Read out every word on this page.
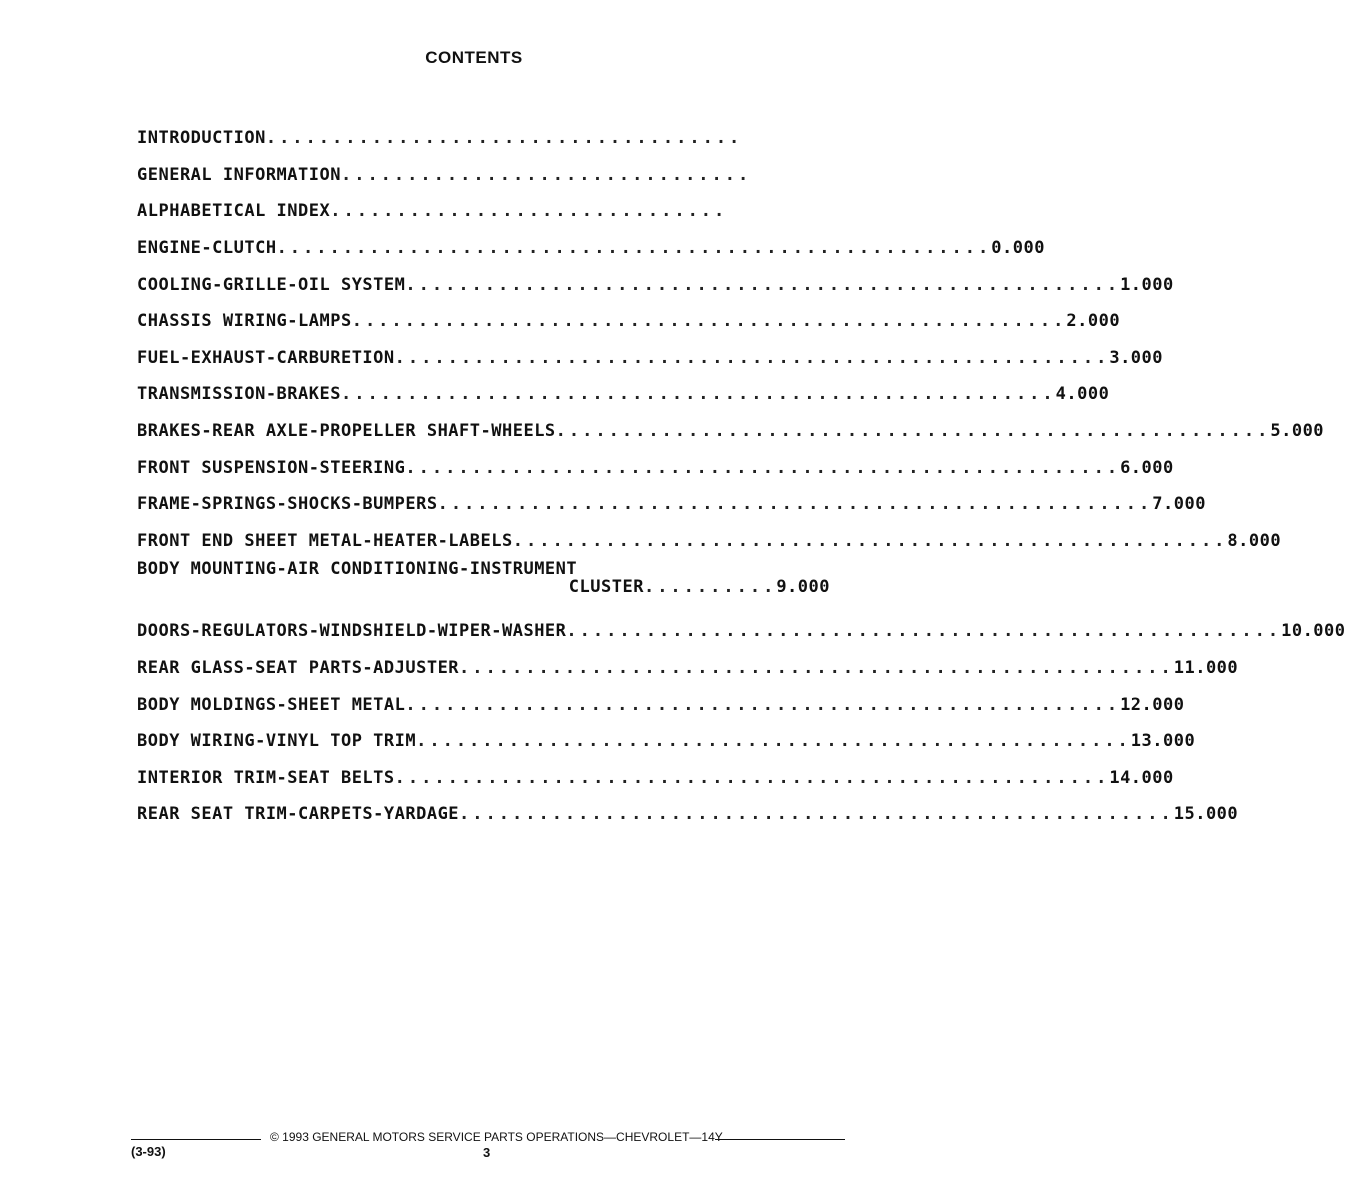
CONTENTS
INTRODUCTION ....................................
GENERAL INFORMATION ...............................
ALPHABETICAL INDEX ..............................
ENGINE-CLUTCH ...................................................... 0.000
COOLING-GRILLE-OIL SYSTEM ...................................................... 1.000
CHASSIS WIRING-LAMPS ...................................................... 2.000
FUEL-EXHAUST-CARBURETION ...................................................... 3.000
TRANSMISSION-BRAKES ...................................................... 4.000
BRAKES-REAR AXLE-PROPELLER SHAFT-WHEELS ...................................................... 5.000
FRONT SUSPENSION-STEERING ...................................................... 6.000
FRAME-SPRINGS-SHOCKS-BUMPERS ...................................................... 7.000
FRONT END SHEET METAL-HEATER-LABELS ...................................................... 8.000
BODY MOUNTING-AIR CONDITIONING-INSTRUMENT
CLUSTER .......... 9.000
DOORS-REGULATORS-WINDSHIELD-WIPER-WASHER ...................................................... 10.000
REAR GLASS-SEAT PARTS-ADJUSTER ...................................................... 11.000
BODY MOLDINGS-SHEET METAL ...................................................... 12.000
BODY WIRING-VINYL TOP TRIM ...................................................... 13.000
INTERIOR TRIM-SEAT BELTS ...................................................... 14.000
REAR SEAT TRIM-CARPETS-YARDAGE ...................................................... 15.000
© 1993 GENERAL MOTORS SERVICE PARTS OPERATIONS—CHEVROLET—14Y
(3-93)	3
